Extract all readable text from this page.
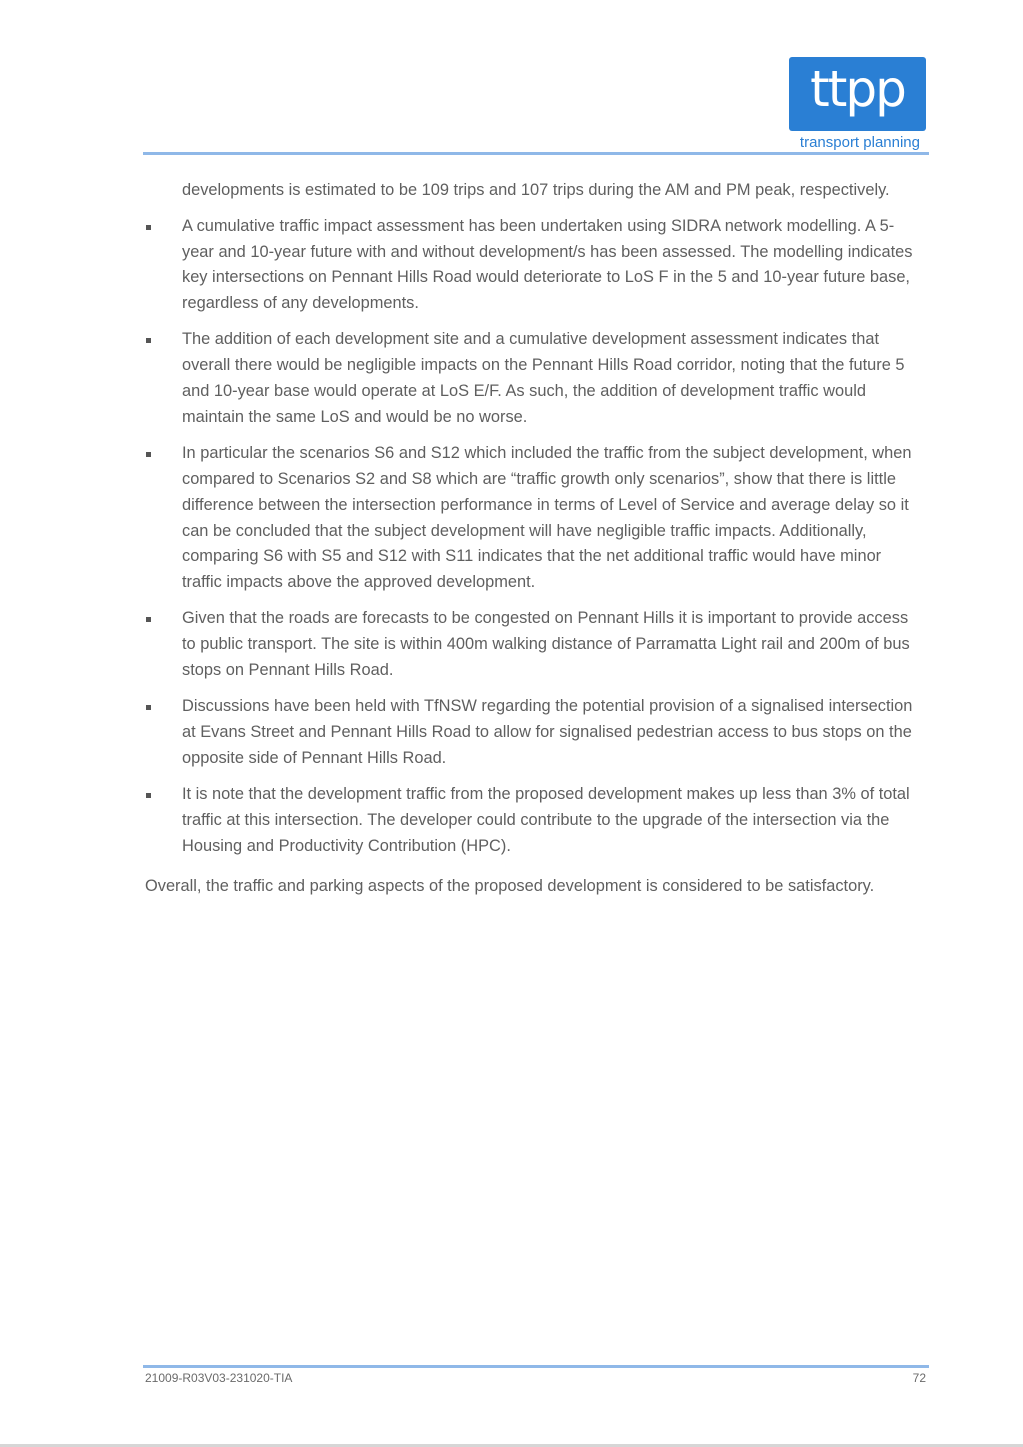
ttpp
transport planning

developments is estimated to be 109 trips and 107 trips during the AM and PM peak, respectively.

A cumulative traffic impact assessment has been undertaken using SIDRA network modelling. A 5-year and 10-year future with and without development/s has been assessed. The modelling indicates key intersections on Pennant Hills Road would deteriorate to LoS F in the 5 and 10-year future base, regardless of any developments.
The addition of each development site and a cumulative development assessment indicates that overall there would be negligible impacts on the Pennant Hills Road corridor, noting that the future 5 and 10-year base would operate at LoS E/F. As such, the addition of development traffic would maintain the same LoS and would be no worse.
In particular the scenarios S6 and S12 which included the traffic from the subject development, when compared to Scenarios S2 and S8 which are “traffic growth only scenarios”, show that there is little difference between the intersection performance in terms of Level of Service and average delay so it can be concluded that the subject development will have negligible traffic impacts. Additionally, comparing S6 with S5 and S12 with S11 indicates that the net additional traffic would have minor traffic impacts above the approved development.
Given that the roads are forecasts to be congested on Pennant Hills it is important to provide access to public transport. The site is within 400m walking distance of Parramatta Light rail and 200m of bus stops on Pennant Hills Road.
Discussions have been held with TfNSW regarding the potential provision of a signalised intersection at Evans Street and Pennant Hills Road to allow for signalised pedestrian access to bus stops on the opposite side of Pennant Hills Road.
It is note that the development traffic from the proposed development makes up less than 3% of total traffic at this intersection. The developer could contribute to the upgrade of the intersection via the Housing and Productivity Contribution (HPC).

Overall, the traffic and parking aspects of the proposed development is considered to be satisfactory.

21009-R03V03-231020-TIA	72
